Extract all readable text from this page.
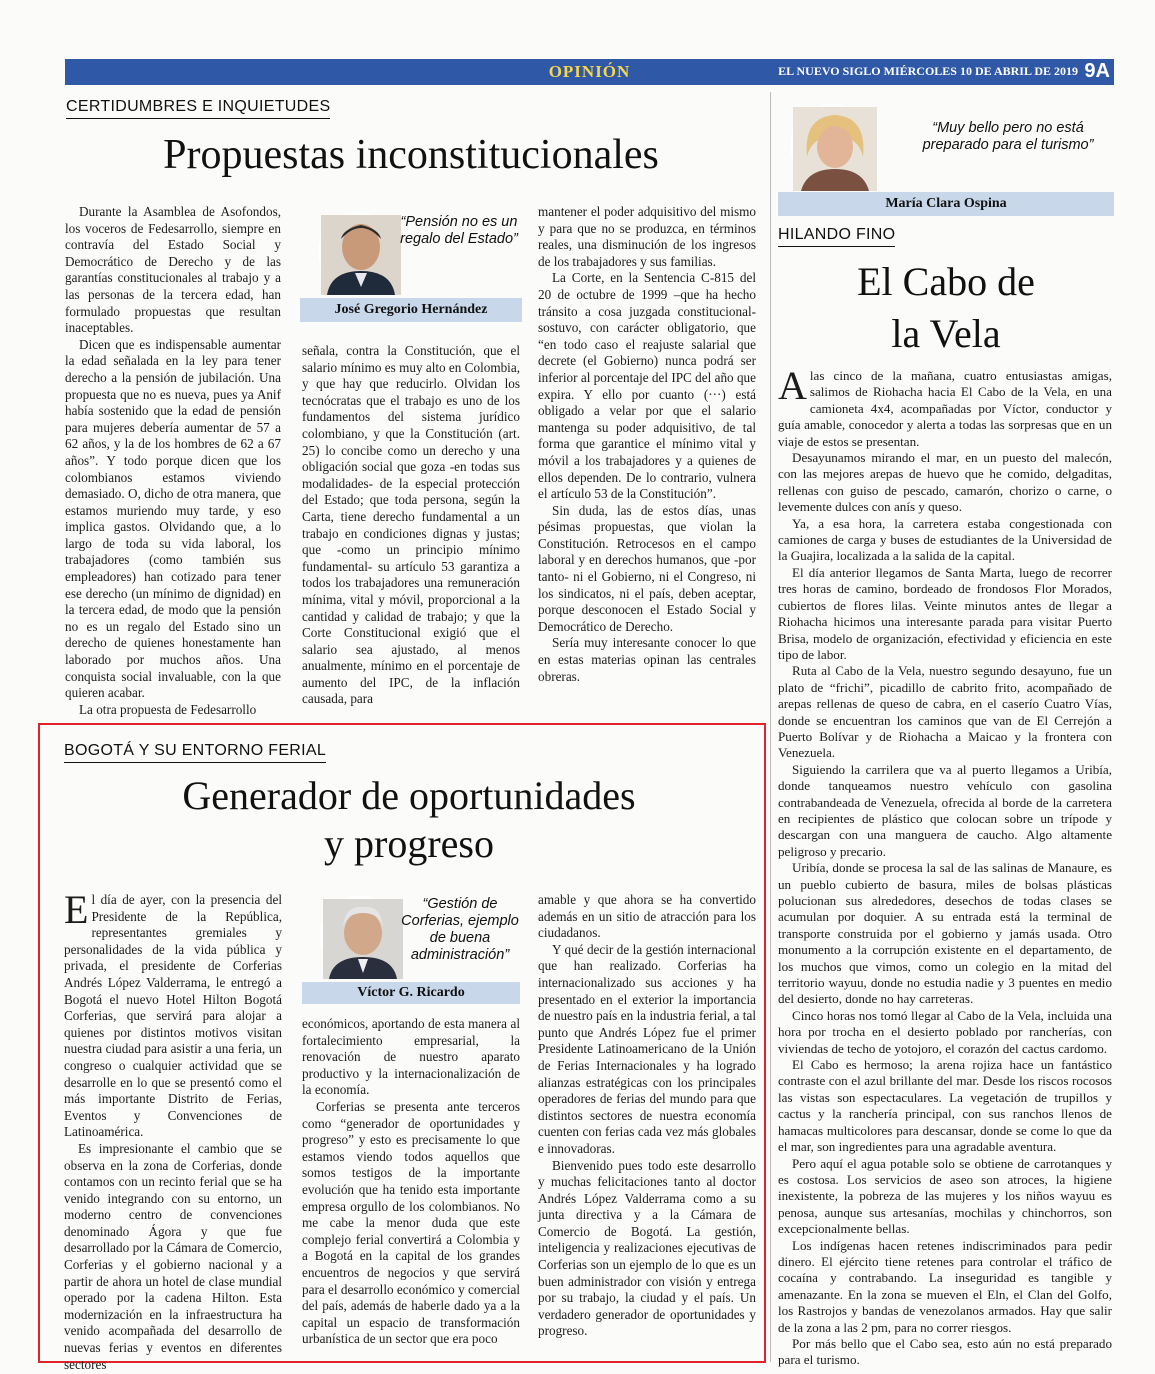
OPINIÓN	EL NUEVO SIGLO MIÉRCOLES 10 DE ABRIL DE 2019 9A
CERTIDUMBRES E INQUIETUDES
Propuestas inconstitucionales
José Gregorio Hernández
“Pensión no es un regalo del Estado”

Durante la Asamblea de Asofondos, los voceros de Fedesarrollo, siempre en contravía del Estado Social y Democrático de Derecho y de las garantías constitucionales al trabajo y a las personas de la tercera edad, han formulado propuestas que resultan inaceptables.

Dicen que es indispensable aumentar la edad señalada en la ley para tener derecho a la pensión de jubilación. Una propuesta que no es nueva, pues ya Anif había sostenido que la edad de pensión para mujeres debería aumentar de 57 a 62 años, y la de los hombres de 62 a 67 años”. Y todo porque dicen que los colombianos estamos viviendo demasiado. O, dicho de otra manera, que estamos muriendo muy tarde, y eso implica gastos. Olvidando que, a lo largo de toda su vida laboral, los trabajadores (como también sus empleadores) han cotizado para tener ese derecho (un mínimo de dignidad) en la tercera edad, de modo que la pensión no es un regalo del Estado sino un derecho de quienes honestamente han laborado por muchos años. Una conquista social invaluable, con la que quieren acabar.

La otra propuesta de Fedesarrollo

señala, contra la Constitución, que el salario mínimo es muy alto en Colombia, y que hay que reducirlo. Olvidan los tecnócratas que el trabajo es uno de los fundamentos del sistema jurídico colombiano, y que la Constitución (art. 25) lo concibe como un derecho y una obligación social que goza -en todas sus modalidades- de la especial protección del Estado; que toda persona, según la Carta, tiene derecho fundamental a un trabajo en condiciones dignas y justas; que -como un principio mínimo fundamental- su artículo 53 garantiza a todos los trabajadores una remuneración mínima, vital y móvil, proporcional a la cantidad y calidad de trabajo; y que la Corte Constitucional exigió que el salario sea ajustado, al menos anualmente, mínimo en el porcentaje de aumento del IPC, de la inflación causada, para

mantener el poder adquisitivo del mismo y para que no se produzca, en términos reales, una disminución de los ingresos de los trabajadores y sus familias.

La Corte, en la Sentencia C-815 del 20 de octubre de 1999 –que ha hecho tránsito a cosa juzgada constitucional- sostuvo, con carácter obligatorio, que “en todo caso el reajuste salarial que decrete (el Gobierno) nunca podrá ser inferior al porcentaje del IPC del año que expira. Y ello por cuanto (···) está obligado a velar por que el salario mantenga su poder adquisitivo, de tal forma que garantice el mínimo vital y móvil a los trabajadores y a quienes de ellos dependen. De lo contrario, vulnera el artículo 53 de la Constitución”.

Sin duda, las de estos días, unas pésimas propuestas, que violan la Constitución. Retrocesos en el campo laboral y en derechos humanos, que -por tanto- ni el Gobierno, ni el Congreso, ni los sindicatos, ni el país, deben aceptar, porque desconocen el Estado Social y Democrático de Derecho.

Sería muy interesante conocer lo que en estas materias opinan las centrales obreras.

BOGOTÁ Y SU ENTORNO FERIAL
Generador de oportunidades
y progreso
Víctor G. Ricardo
“Gestión de Corferias, ejemplo de buena administración”

El día de ayer, con la presencia del Presidente de la República, representantes gremiales y personalidades de la vida pública y privada, el presidente de Corferias Andrés López Valderrama, le entregó a Bogotá el nuevo Hotel Hilton Bogotá Corferias, que servirá para alojar a quienes por distintos motivos visitan nuestra ciudad para asistir a una feria, un congreso o cualquier actividad que se desarrolle en lo que se presentó como el más importante Distrito de Ferias, Eventos y Convenciones de Latinoamérica.

Es impresionante el cambio que se observa en la zona de Corferias, donde contamos con un recinto ferial que se ha venido integrando con su entorno, un moderno centro de convenciones denominado Ágora y que fue desarrollado por la Cámara de Comercio, Corferias y el gobierno nacional y a partir de ahora un hotel de clase mundial operado por la cadena Hilton. Esta modernización en la infraestructura ha venido acompañada del desarrollo de nuevas ferias y eventos en diferentes sectores

económicos, aportando de esta manera al fortalecimiento empresarial, la renovación de nuestro aparato productivo y la internacionalización de la economía.

Corferias se presenta ante terceros como “generador de oportunidades y progreso” y esto es precisamente lo que estamos viendo todos aquellos que somos testigos de la importante evolución que ha tenido esta importante empresa orgullo de los colombianos. No me cabe la menor duda que este complejo ferial convertirá a Colombia y a Bogotá en la capital de los grandes encuentros de negocios y que servirá para el desarrollo económico y comercial del país, además de haberle dado ya a la capital un espacio de transformación urbanística de un sector que era poco

amable y que ahora se ha convertido además en un sitio de atracción para los ciudadanos.

Y qué decir de la gestión internacional que han realizado. Corferias ha internacionalizado sus acciones y ha presentado en el exterior la importancia de nuestro país en la industria ferial, a tal punto que Andrés López fue el primer Presidente Latinoamericano de la Unión de Ferias Internacionales y ha logrado alianzas estratégicas con los principales operadores de ferias del mundo para que distintos sectores de nuestra economía cuenten con ferias cada vez más globales e innovadoras.

Bienvenido pues todo este desarrollo y muchas felicitaciones tanto al doctor Andrés López Valderrama como a su junta directiva y a la Cámara de Comercio de Bogotá. La gestión, inteligencia y realizaciones ejecutivas de Corferias son un ejemplo de lo que es un buen administrador con visión y entrega por su trabajo, la ciudad y el país. Un verdadero generador de oportunidades y progreso.

María Clara Ospina
“Muy bello pero no está preparado para el turismo”
HILANDO FINO
El Cabo de
la Vela

Alas cinco de la mañana, cuatro entusiastas amigas, salimos de Riohacha hacia El Cabo de la Vela, en una camioneta 4x4, acompañadas por Víctor, conductor y guía amable, conocedor y alerta a todas las sorpresas que en un viaje de estos se presentan.

Desayunamos mirando el mar, en un puesto del malecón, con las mejores arepas de huevo que he comido, delgaditas, rellenas con guiso de pescado, camarón, chorizo o carne, o levemente dulces con anís y queso.

Ya, a esa hora, la carretera estaba congestionada con camiones de carga y buses de estudiantes de la Universidad de la Guajira, localizada a la salida de la capital.

El día anterior llegamos de Santa Marta, luego de recorrer tres horas de camino, bordeado de frondosos Flor Morados, cubiertos de flores lilas. Veinte minutos antes de llegar a Riohacha hicimos una interesante parada para visitar Puerto Brisa, modelo de organización, efectividad y eficiencia en este tipo de labor.

Ruta al Cabo de la Vela, nuestro segundo desayuno, fue un plato de “frichi”, picadillo de cabrito frito, acompañado de arepas rellenas de queso de cabra, en el caserío Cuatro Vías, donde se encuentran los caminos que van de El Cerrejón a Puerto Bolívar y de Riohacha a Maicao y la frontera con Venezuela.

Siguiendo la carrilera que va al puerto llegamos a Uribía, donde tanqueamos nuestro vehículo con gasolina contrabandeada de Venezuela, ofrecida al borde de la carretera en recipientes de plástico que colocan sobre un trípode y descargan con una manguera de caucho. Algo altamente peligroso y precario.

Uribía, donde se procesa la sal de las salinas de Manaure, es un pueblo cubierto de basura, miles de bolsas plásticas polucionan sus alrededores, desechos de todas clases se acumulan por doquier. A su entrada está la terminal de transporte construida por el gobierno y jamás usada. Otro monumento a la corrupción existente en el departamento, de los muchos que vimos, como un colegio en la mitad del territorio wayuu, donde no estudia nadie y 3 puentes en medio del desierto, donde no hay carreteras.

Cinco horas nos tomó llegar al Cabo de la Vela, incluida una hora por trocha en el desierto poblado por rancherías, con viviendas de techo de yotojoro, el corazón del cactus cardomo.

El Cabo es hermoso; la arena rojiza hace un fantástico contraste con el azul brillante del mar. Desde los riscos rocosos las vistas son espectaculares. La vegetación de trupillos y cactus y la ranchería principal, con sus ranchos llenos de hamacas multicolores para descansar, donde se come lo que da el mar, son ingredientes para una agradable aventura.

Pero aquí el agua potable solo se obtiene de carrotanques y es costosa. Los servicios de aseo son atroces, la higiene inexistente, la pobreza de las mujeres y los niños wayuu es penosa, aunque sus artesanías, mochilas y chinchorros, son excepcionalmente bellas.

Los indígenas hacen retenes indiscriminados para pedir dinero. El ejército tiene retenes para controlar el tráfico de cocaína y contrabando. La inseguridad es tangible y amenazante. En la zona se mueven el Eln, el Clan del Golfo, los Rastrojos y bandas de venezolanos armados. Hay que salir de la zona a las 2 pm, para no correr riesgos.

Por más bello que el Cabo sea, esto aún no está preparado para el turismo.
